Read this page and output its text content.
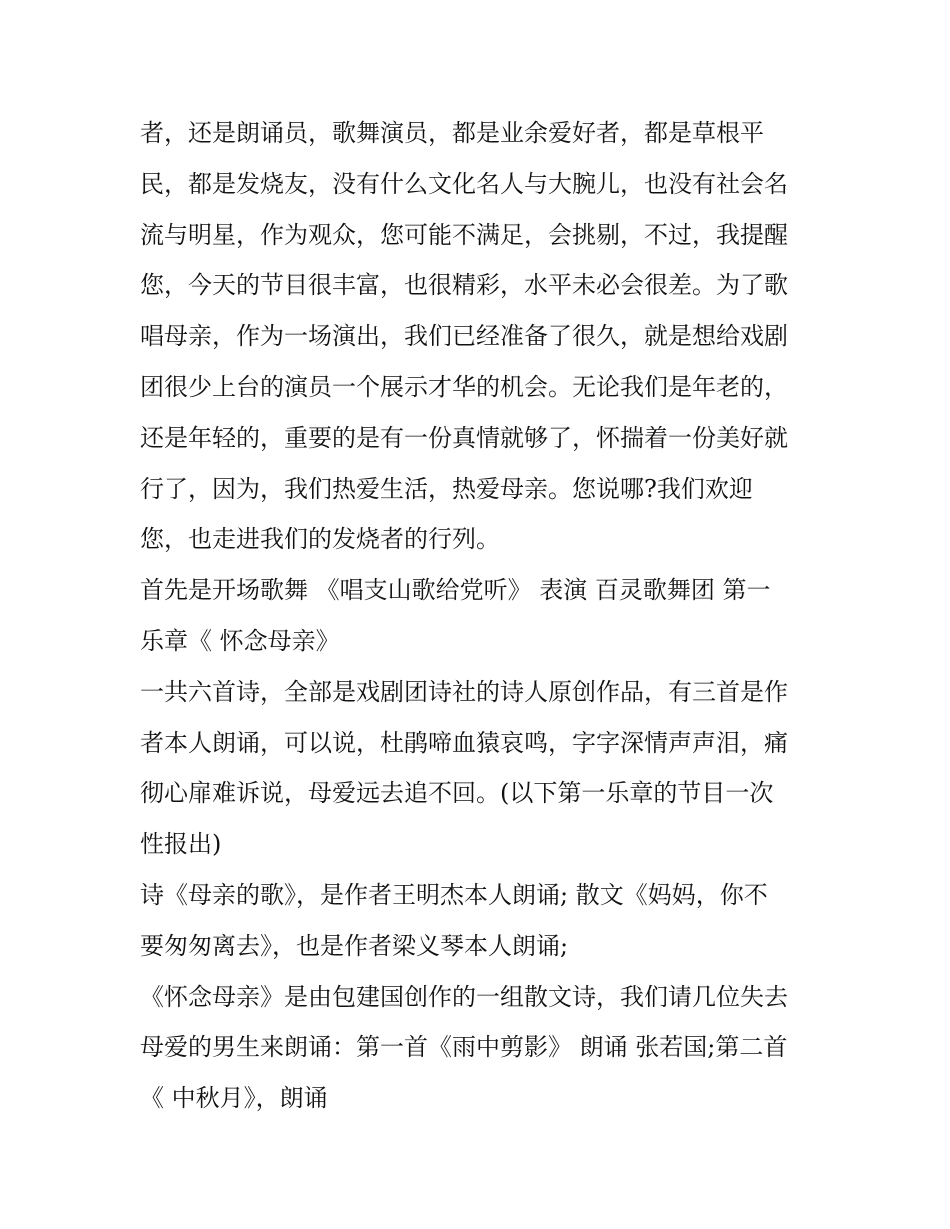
者，还是朗诵员，歌舞演员，都是业余爱好者，都是草根平
民，都是发烧友，没有什么文化名人与大腕儿，也没有社会名
流与明星，作为观众，您可能不满足，会挑剔，不过，我提醒
您，今天的节目很丰富，也很精彩，水平未必会很差。为了歌
唱母亲，作为一场演出，我们已经准备了很久，就是想给戏剧
团很少上台的演员一个展示才华的机会。无论我们是年老的，
还是年轻的，重要的是有一份真情就够了，怀揣着一份美好就
行了，因为，我们热爱生活，热爱母亲。您说哪?我们欢迎
您，也走进我们的发烧者的行列。
首先是开场歌舞 《唱支山歌给党听》 表演 百灵歌舞团 第一
乐章《 怀念母亲》
一共六首诗，全部是戏剧团诗社的诗人原创作品，有三首是作
者本人朗诵，可以说，杜鹃啼血猿哀鸣，字字深情声声泪，痛
彻心扉难诉说，母爱远去追不回。(以下第一乐章的节目一次
性报出)
诗《母亲的歌》，是作者王明杰本人朗诵; 散文《妈妈，你不
要匆匆离去》，也是作者梁义琴本人朗诵;
《怀念母亲》是由包建国创作的一组散文诗，我们请几位失去
母爱的男生来朗诵：第一首《雨中剪影》 朗诵 张若国;第二首
《 中秋月》，朗诵
